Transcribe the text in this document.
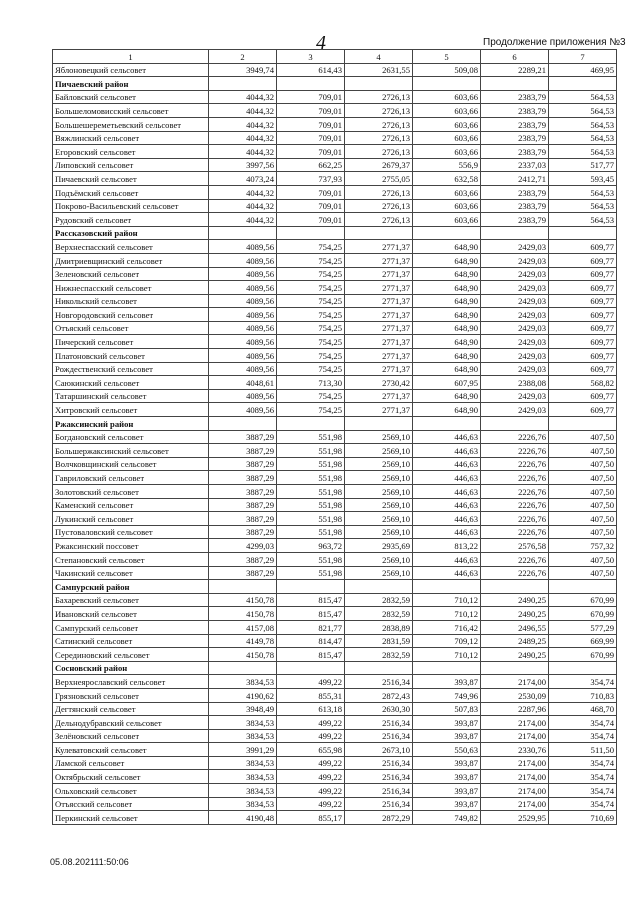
4	Продолжение приложения №3
1	2	3	4	5	6	7
Яблоновецкий сельсовет	3949,74	614,43	2631,55	509,08	2289,21	469,95
Пичаевский район						
Байловский сельсовет	4044,32	709,01	2726,13	603,66	2383,79	564,53
Большеломовисский сельсовет	4044,32	709,01	2726,13	603,66	2383,79	564,53
Большешереметьевский сельсовет	4044,32	709,01	2726,13	603,66	2383,79	564,53
Вяжлинский сельсовет	4044,32	709,01	2726,13	603,66	2383,79	564,53
Егоровский сельсовет	4044,32	709,01	2726,13	603,66	2383,79	564,53
Липовский сельсовет	3997,56	662,25	2679,37	556,9	2337,03	517,77
Пичаевский сельсовет	4073,24	737,93	2755,05	632,58	2412,71	593,45
Подъёмский сельсовет	4044,32	709,01	2726,13	603,66	2383,79	564,53
Покрово-Васильевский сельсовет	4044,32	709,01	2726,13	603,66	2383,79	564,53
Рудовский сельсовет	4044,32	709,01	2726,13	603,66	2383,79	564,53
Рассказовский район						
Верхнеспасский сельсовет	4089,56	754,25	2771,37	648,90	2429,03	609,77
Дмитриевщинский сельсовет	4089,56	754,25	2771,37	648,90	2429,03	609,77
Зеленовский сельсовет	4089,56	754,25	2771,37	648,90	2429,03	609,77
Нижнеспасский сельсовет	4089,56	754,25	2771,37	648,90	2429,03	609,77
Никольский сельсовет	4089,56	754,25	2771,37	648,90	2429,03	609,77
Новгородовский сельсовет	4089,56	754,25	2771,37	648,90	2429,03	609,77
Отъяский сельсовет	4089,56	754,25	2771,37	648,90	2429,03	609,77
Пичерский сельсовет	4089,56	754,25	2771,37	648,90	2429,03	609,77
Платоновский сельсовет	4089,56	754,25	2771,37	648,90	2429,03	609,77
Рождественский сельсовет	4089,56	754,25	2771,37	648,90	2429,03	609,77
Саюкинский сельсовет	4048,61	713,30	2730,42	607,95	2388,08	568,82
Татаршинский сельсовет	4089,56	754,25	2771,37	648,90	2429,03	609,77
Хитровский сельсовет	4089,56	754,25	2771,37	648,90	2429,03	609,77
Ржаксинский район						
Богдановский сельсовет	3887,29	551,98	2569,10	446,63	2226,76	407,50
Большержаксинский сельсовет	3887,29	551,98	2569,10	446,63	2226,76	407,50
Волчковщинский сельсовет	3887,29	551,98	2569,10	446,63	2226,76	407,50
Гавриловский сельсовет	3887,29	551,98	2569,10	446,63	2226,76	407,50
Золотовский сельсовет	3887,29	551,98	2569,10	446,63	2226,76	407,50
Каменский сельсовет	3887,29	551,98	2569,10	446,63	2226,76	407,50
Лукинский сельсовет	3887,29	551,98	2569,10	446,63	2226,76	407,50
Пустоваловский сельсовет	3887,29	551,98	2569,10	446,63	2226,76	407,50
Ржаксинский поссовет	4299,03	963,72	2935,69	813,22	2576,58	757,32
Степановский сельсовет	3887,29	551,98	2569,10	446,63	2226,76	407,50
Чакинский сельсовет	3887,29	551,98	2569,10	446,63	2226,76	407,50
Сампурский район						
Бахаревский сельсовет	4150,78	815,47	2832,59	710,12	2490,25	670,99
Ивановский сельсовет	4150,78	815,47	2832,59	710,12	2490,25	670,99
Сампурский сельсовет	4157,08	821,77	2838,89	716,42	2496,55	577,29
Сатинский сельсовет	4149,78	814,47	2831,59	709,12	2489,25	669,99
Серединовский сельсовет	4150,78	815,47	2832,59	710,12	2490,25	670,99
Сосновский район						
Верхнеярославский сельсовет	3834,53	499,22	2516,34	393,87	2174,00	354,74
Грязновский сельсовет	4190,62	855,31	2872,43	749,96	2530,09	710,83
Дегтянский сельсовет	3948,49	613,18	2630,30	507,83	2287,96	468,70
Дельнодубравский сельсовет	3834,53	499,22	2516,34	393,87	2174,00	354,74
Зелёновский сельсовет	3834,53	499,22	2516,34	393,87	2174,00	354,74
Кулеватовский сельсовет	3991,29	655,98	2673,10	550,63	2330,76	511,50
Ламской сельсовет	3834,53	499,22	2516,34	393,87	2174,00	354,74
Октябрьский сельсовет	3834,53	499,22	2516,34	393,87	2174,00	354,74
Ольховский сельсовет	3834,53	499,22	2516,34	393,87	2174,00	354,74
Отъясский сельсовет	3834,53	499,22	2516,34	393,87	2174,00	354,74
Перкинский сельсовет	4190,48	855,17	2872,29	749,82	2529,95	710,69
05.08.202111:50:06
